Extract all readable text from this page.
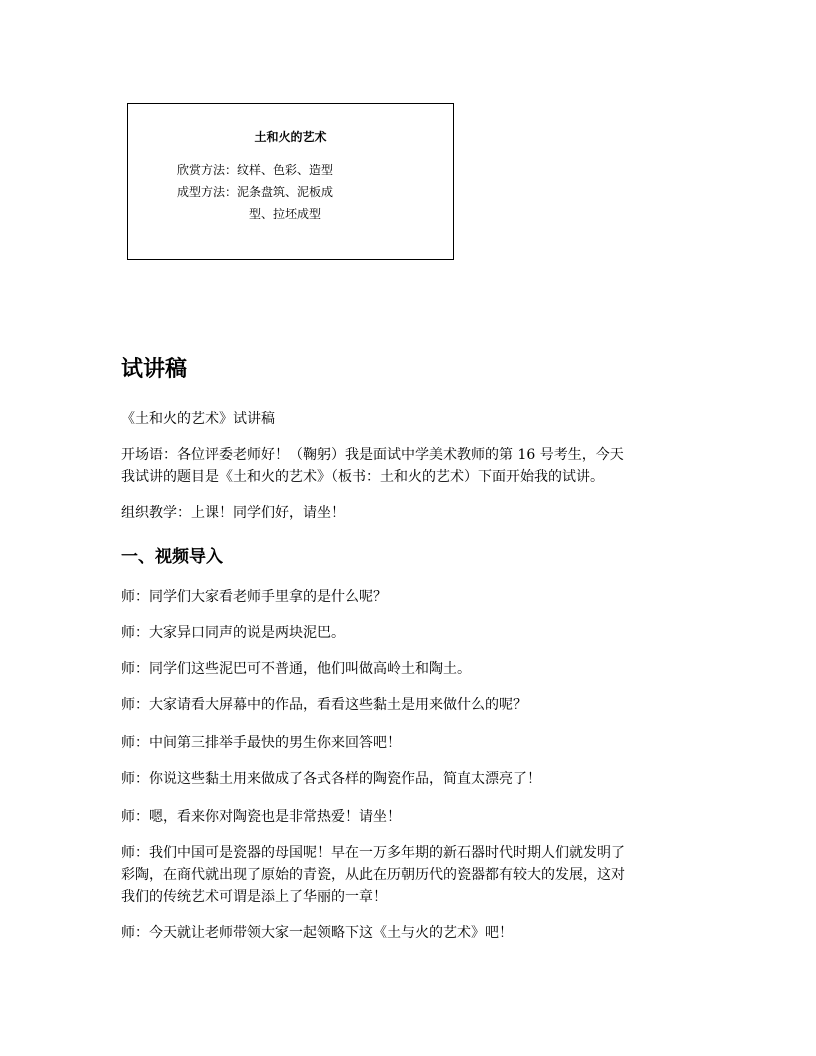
土和火的艺术
欣赏方法：纹样、色彩、造型
成型方法：泥条盘筑、泥板成
型、拉坯成型
试讲稿

《土和火的艺术》试讲稿

开场语：各位评委老师好！（鞠躬）我是面试中学美术教师的第 16 号考生，今天

我试讲的题目是《土和火的艺术》（板书：土和火的艺术）下面开始我的试讲。

组织教学：上课！同学们好，请坐！

一、视频导入

师：同学们大家看老师手里拿的是什么呢？

师：大家异口同声的说是两块泥巴。

师：同学们这些泥巴可不普通，他们叫做高岭土和陶土。

师：大家请看大屏幕中的作品，看看这些黏土是用来做什么的呢？

师：中间第三排举手最快的男生你来回答吧！

师：你说这些黏土用来做成了各式各样的陶瓷作品，简直太漂亮了！

师：嗯，看来你对陶瓷也是非常热爱！请坐！

师：我们中国可是瓷器的母国呢！早在一万多年期的新石器时代时期人们就发明了

彩陶，在商代就出现了原始的青瓷，从此在历朝历代的瓷器都有较大的发展，这对

我们的传统艺术可谓是添上了华丽的一章！

师：今天就让老师带领大家一起领略下这《土与火的艺术》吧！
